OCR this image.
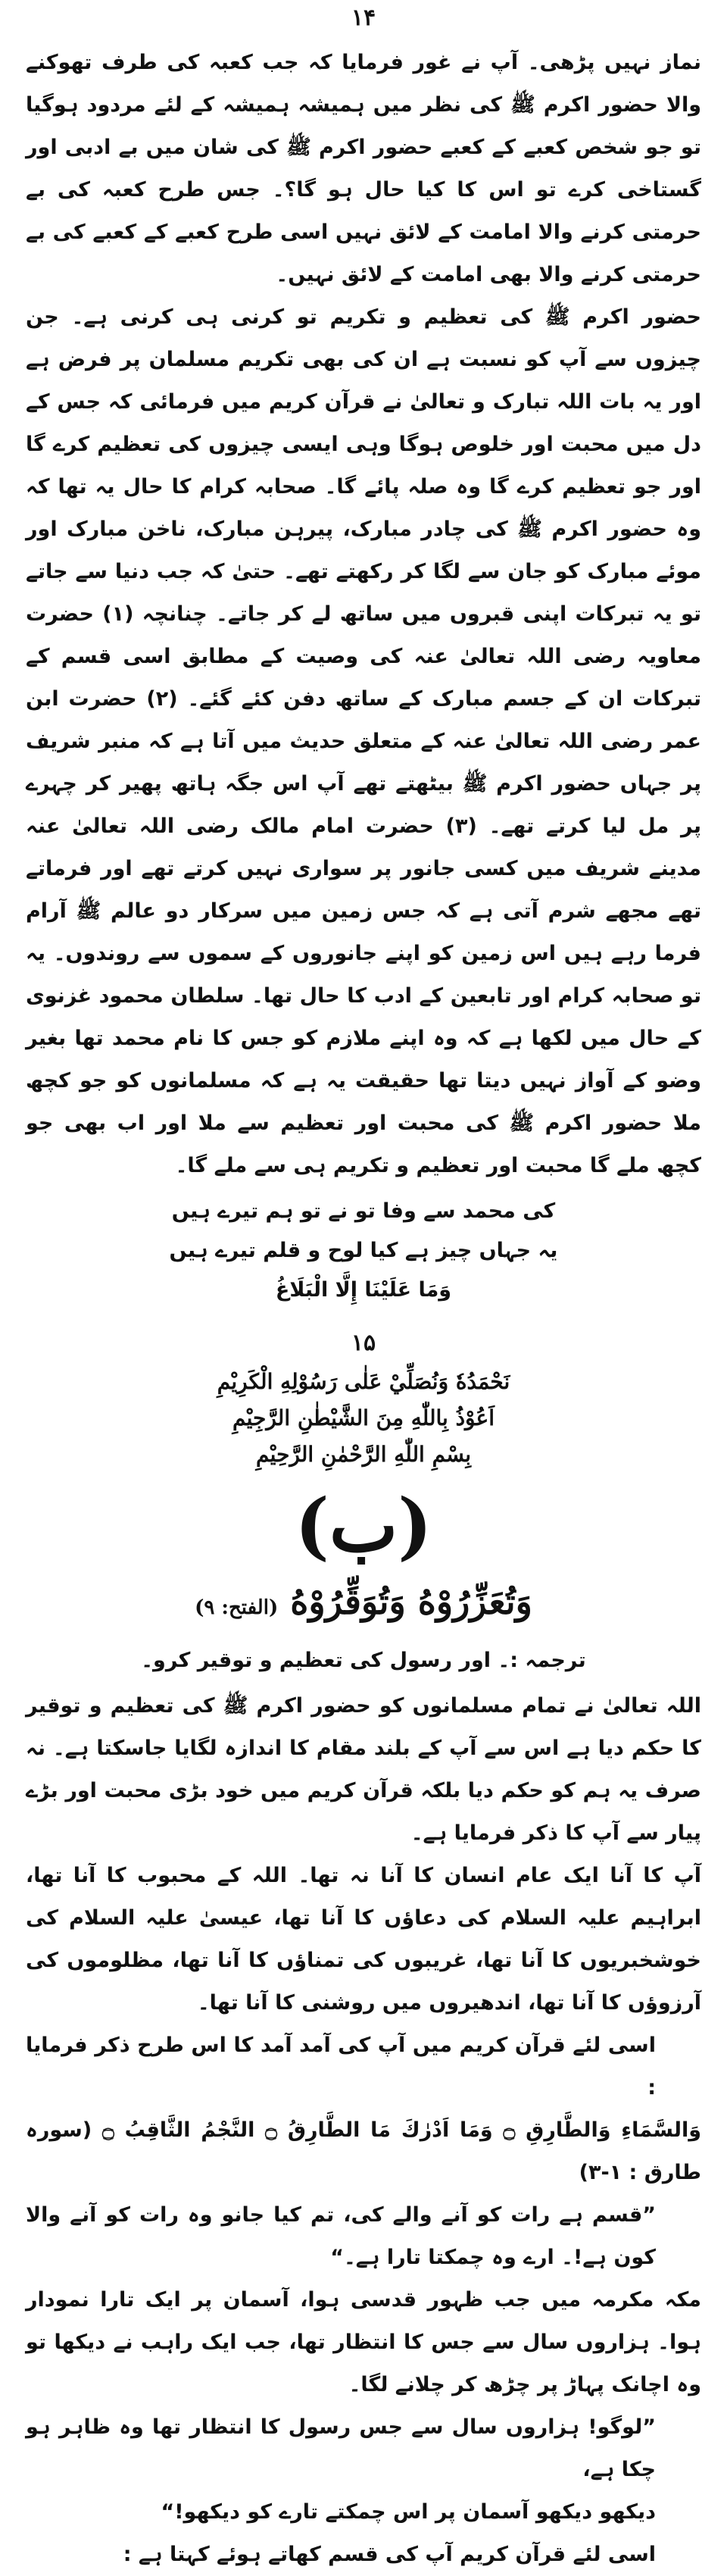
۱۴

نماز نہیں پڑھی۔ آپ نے غور فرمایا کہ جب کعبہ کی طرف تھوکنے والا حضور اکرم ﷺ کی نظر میں ہمیشہ ہمیشہ کے لئے مردود ہوگیا تو جو شخص کعبے کے کعبے حضور اکرم ﷺ کی شان میں بے ادبی اور گستاخی کرے تو اس کا کیا حال ہو گا؟۔ جس طرح کعبہ کی بے حرمتی کرنے والا امامت کے لائق نہیں اسی طرح کعبے کے کعبے کی بے حرمتی کرنے والا بھی امامت کے لائق نہیں۔

حضور اکرم ﷺ کی تعظیم و تکریم تو کرنی ہی کرنی ہے۔ جن چیزوں سے آپ کو نسبت ہے ان کی بھی تکریم مسلمان پر فرض ہے اور یہ بات اللہ تبارک و تعالیٰ نے قرآن کریم میں فرمائی کہ جس کے دل میں محبت اور خلوص ہوگا وہی ایسی چیزوں کی تعظیم کرے گا اور جو تعظیم کرے گا وہ صلہ پائے گا۔ صحابہ کرام کا حال یہ تھا کہ وہ حضور اکرم ﷺ کی چادر مبارک، پیرہن مبارک، ناخن مبارک اور موئے مبارک کو جان سے لگا کر رکھتے تھے۔ حتیٰ کہ جب دنیا سے جاتے تو یہ تبرکات اپنی قبروں میں ساتھ لے کر جاتے۔ چنانچہ (۱) حضرت معاویہ رضی اللہ تعالیٰ عنہ کی وصیت کے مطابق اسی قسم کے تبرکات ان کے جسم مبارک کے ساتھ دفن کئے گئے۔ (۲) حضرت ابن عمر رضی اللہ تعالیٰ عنہ کے متعلق حدیث میں آتا ہے کہ منبر شریف پر جہاں حضور اکرم ﷺ بیٹھتے تھے آپ اس جگہ ہاتھ پھیر کر چہرے پر مل لیا کرتے تھے۔ (۳) حضرت امام مالک رضی اللہ تعالیٰ عنہ مدینے شریف میں کسی جانور پر سواری نہیں کرتے تھے اور فرماتے تھے مجھے شرم آتی ہے کہ جس زمین میں سرکار دو عالم ﷺ آرام فرما رہے ہیں اس زمین کو اپنے جانوروں کے سموں سے روندوں۔ یہ تو صحابہ کرام اور تابعین کے ادب کا حال تھا۔ سلطان محمود غزنوی کے حال میں لکھا ہے کہ وہ اپنے ملازم کو جس کا نام محمد تھا بغیر وضو کے آواز نہیں دیتا تھا حقیقت یہ ہے کہ مسلمانوں کو جو کچھ ملا حضور اکرم ﷺ کی محبت اور تعظیم سے ملا اور اب بھی جو کچھ ملے گا محبت اور تعظیم و تکریم ہی سے ملے گا۔

کی محمد سے وفا تو نے تو ہم تیرے ہیں
یہ جہاں چیز ہے کیا لوح و قلم تیرے ہیں
وَمَا عَلَيْنَا إِلَّا الْبَلَاغُ
۱۵
نَحْمَدُهٗ وَنُصَلِّيْ عَلٰى رَسُوْلِهِ الْكَرِيْمِ
اَعُوْذُ بِاللّٰهِ مِنَ الشَّيْطٰنِ الرَّجِيْمِ
بِسْمِ اللّٰهِ الرَّحْمٰنِ الرَّحِيْمِ
(ب)
وَتُعَزِّرُوْهُ وَتُوَقِّرُوْهُ (الفتح: ۹)
ترجمہ :۔ اور رسول کی تعظیم و توقیر کرو۔

اللہ تعالیٰ نے تمام مسلمانوں کو حضور اکرم ﷺ کی تعظیم و توقیر کا حکم دیا ہے اس سے آپ کے بلند مقام کا اندازہ لگایا جاسکتا ہے۔ نہ صرف یہ ہم کو حکم دیا بلکہ قرآن کریم میں خود بڑی محبت اور بڑے پیار سے آپ کا ذکر فرمایا ہے۔

آپ کا آنا ایک عام انسان کا آنا نہ تھا۔ اللہ کے محبوب کا آنا تھا، ابراہیم علیہ السلام کی دعاؤں کا آنا تھا، عیسیٰ علیہ السلام کی خوشخبریوں کا آنا تھا، غریبوں کی تمناؤں کا آنا تھا، مظلوموں کی آرزوؤں کا آنا تھا، اندھیروں میں روشنی کا آنا تھا۔

اسی لئے قرآن کریم میں آپ کی آمد آمد کا اس طرح ذکر فرمایا :

وَالسَّمَاءِ وَالطَّارِقِ ۝ وَمَا اَدْرٰكَ مَا الطَّارِقُ ۝ النَّجْمُ الثَّاقِبُ ۝ (سورہ طارق : ۱-۳)

”قسم ہے رات کو آنے والے کی، تم کیا جانو وہ رات کو آنے والا کون ہے!۔ ارے وہ چمکتا تارا ہے۔“

مکہ مکرمہ میں جب ظہور قدسی ہوا، آسمان پر ایک تارا نمودار ہوا۔ ہزاروں سال سے جس کا انتظار تھا، جب ایک راہب نے دیکھا تو وہ اچانک پہاڑ پر چڑھ کر چلانے لگا۔

”لوگو! ہزاروں سال سے جس رسول کا انتظار تھا وہ ظاہر ہو چکا ہے،

دیکھو دیکھو آسمان پر اس چمکتے تارے کو دیکھو!“

اسی لئے قرآن کریم آپ کی قسم کھاتے ہوئے کہتا ہے :
